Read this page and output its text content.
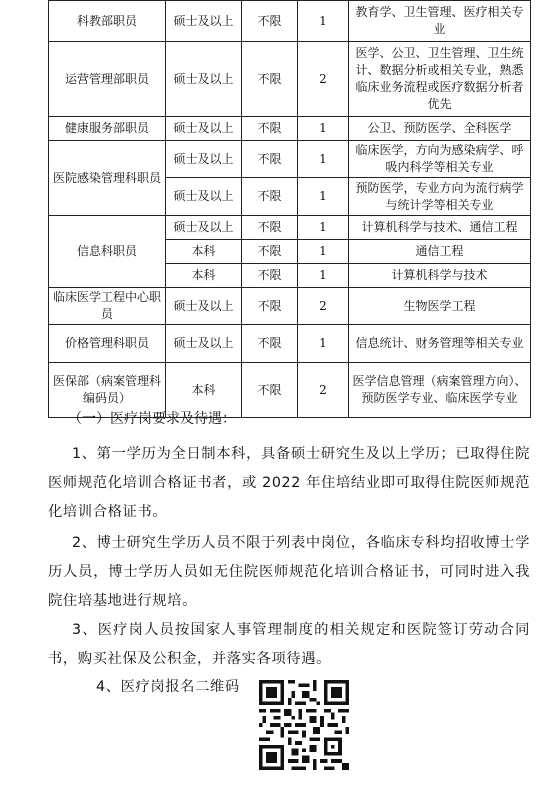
科教部职员	硕士及以上	不限	1	教育学、卫生管理、医疗相关专业
运营管理部职员	硕士及以上	不限	2	医学、公卫、卫生管理、卫生统计、数据分析或相关专业，熟悉临床业务流程或医疗数据分析者优先
健康服务部职员	硕士及以上	不限	1	公卫、预防医学、全科医学
医院感染管理科职员	硕士及以上	不限	1	临床医学，方向为感染病学、呼吸内科学等相关专业
	硕士及以上	不限	1	预防医学，专业方向为流行病学与统计学等相关专业
信息科职员	硕士及以上	不限	1	计算机科学与技术、通信工程
	本科	不限	1	通信工程
	本科	不限	1	计算机科学与技术
临床医学工程中心职员	硕士及以上	不限	2	生物医学工程
价格管理科职员	硕士及以上	不限	1	信息统计、财务管理等相关专业
医保部（病案管理科编码员）	本科	不限	2	医学信息管理（病案管理方向）、预防医学专业、临床医学专业
（一）医疗岗要求及待遇：
1、第一学历为全日制本科，具备硕士研究生及以上学历；已取得住院医师规范化培训合格证书者，或 2022 年住培结业即可取得住院医师规范化培训合格证书。
2、博士研究生学历人员不限于列表中岗位，各临床专科均招收博士学历人员，博士学历人员如无住院医师规范化培训合格证书，可同时进入我院住培基地进行规培。
3、医疗岗人员按国家人事管理制度的相关规定和医院签订劳动合同书，购买社保及公积金，并落实各项待遇。
4、医疗岗报名二维码
